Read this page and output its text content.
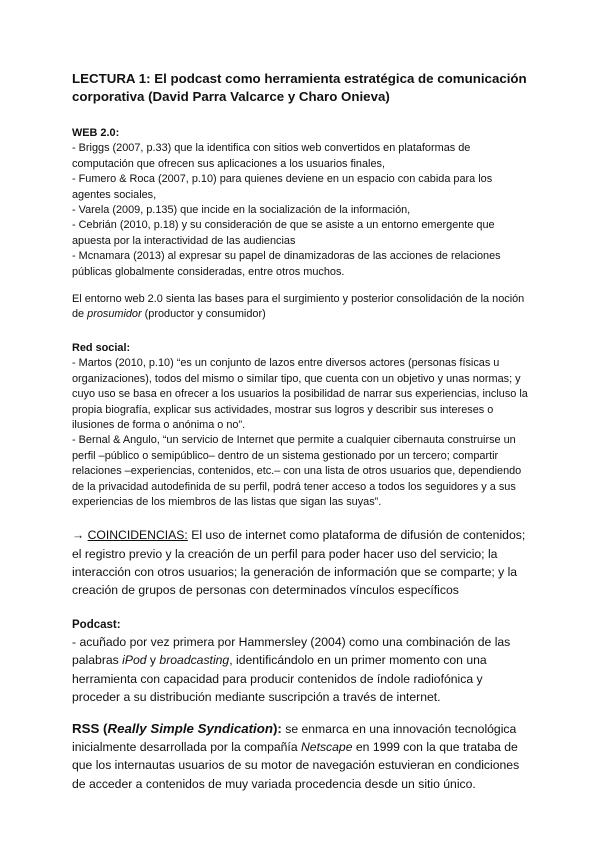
LECTURA 1: El podcast como herramienta estratégica de comunicación corporativa (David Parra Valcarce y Charo Onieva)

WEB 2.0:

- Briggs (2007, p.33) que la identifica con sitios web convertidos en plataformas de computación que ofrecen sus aplicaciones a los usuarios finales,

- Fumero & Roca (2007, p.10) para quienes deviene en un espacio con cabida para los agentes sociales,

- Varela (2009, p.135) que incide en la socialización de la información,

- Cebrián (2010, p.18) y su consideración de que se asiste a un entorno emergente que apuesta por la interactividad de las audiencias

- Mcnamara (2013) al expresar su papel de dinamizadoras de las acciones de relaciones públicas globalmente consideradas, entre otros muchos.

El entorno web 2.0 sienta las bases para el surgimiento y posterior consolidación de la noción de prosumidor (productor y consumidor)

Red social:

- Martos (2010, p.10) “es un conjunto de lazos entre diversos actores (personas físicas u organizaciones), todos del mismo o similar tipo, que cuenta con un objetivo y unas normas; y cuyo uso se basa en ofrecer a los usuarios la posibilidad de narrar sus experiencias, incluso la propia biografía, explicar sus actividades, mostrar sus logros y describir sus intereses o ilusiones de forma o anónima o no”.

- Bernal & Angulo, “un servicio de Internet que permite a cualquier cibernauta construirse un perfil –público o semipúblico– dentro de un sistema gestionado por un tercero; compartir relaciones –experiencias, contenidos, etc.– con una lista de otros usuarios que, dependiendo de la privacidad autodefinida de su perfil, podrá tener acceso a todos los seguidores y a sus experiencias de los miembros de las listas que sigan las suyas”.

→ COINCIDENCIAS: El uso de internet como plataforma de difusión de contenidos; el registro previo y la creación de un perfil para poder hacer uso del servicio; la interacción con otros usuarios; la generación de información que se comparte; y la creación de grupos de personas con determinados vínculos específicos

Podcast:

- acuñado por vez primera por Hammersley (2004) como una combinación de las palabras iPod y broadcasting, identificándolo en un primer momento con una herramienta con capacidad para producir contenidos de índole radiofónica y proceder a su distribución mediante suscripción a través de internet.

RSS (Really Simple Syndication): se enmarca en una innovación tecnológica inicialmente desarrollada por la compañía Netscape en 1999 con la que trataba de que los internautas usuarios de su motor de navegación estuvieran en condiciones de acceder a contenidos de muy variada procedencia desde un sitio único.
